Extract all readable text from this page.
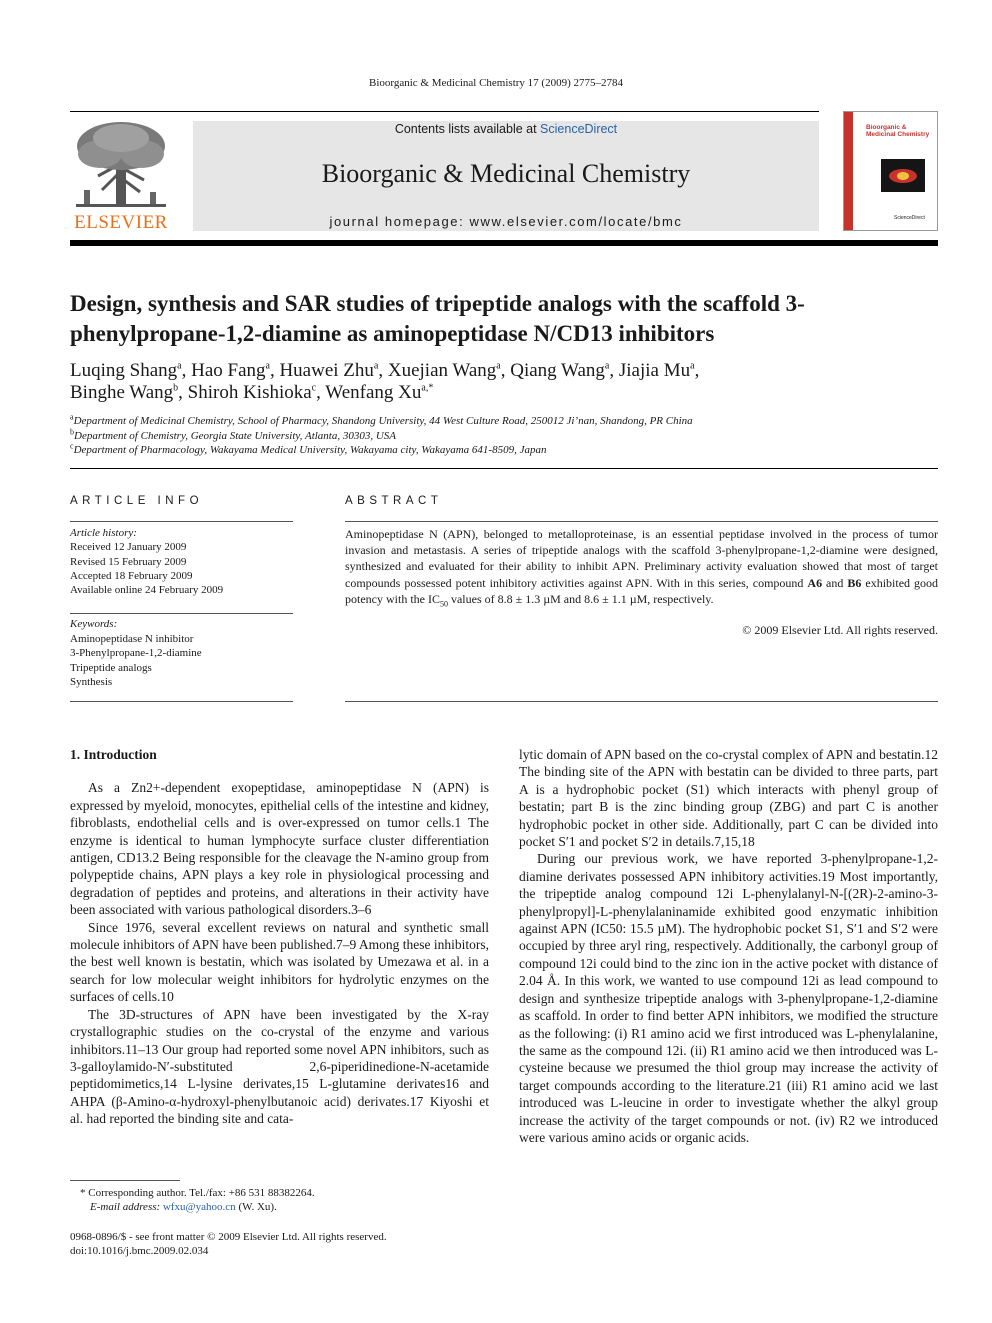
Bioorganic & Medicinal Chemistry 17 (2009) 2775–2784
ELSEVIER
Contents lists available at ScienceDirect
Bioorganic & Medicinal Chemistry
journal homepage: www.elsevier.com/locate/bmc
Bioorganic & Medicinal Chemistry
ScienceDirect
Design, synthesis and SAR studies of tripeptide analogs with the scaffold 3-phenylpropane-1,2-diamine as aminopeptidase N/CD13 inhibitors
Luqing Shang$^a$, Hao Fang$^a$, Huawei Zhu$^a$, Xuejian Wang$^a$, Qiang Wang$^a$, Jiajia Mu$^a$,
Binghe Wang$^b$, Shiroh Kishioka$^c$, Wenfang $Xu^{a,*}$
$^a$Department of Medicinal Chemistry, School of Pharmacy, Shandong University, 44 West Culture Road, 250012 Ji’nan, Shandong, PR China
$^b$Department of Chemistry, Georgia State University, Atlanta, 30303, USA
$^c$Department of Pharmacology, Wakayama Medical University, Wakayama city, Wakayama 641-8509, Japan
ARTICLE INFO	ABSTRACT
Article history:
Received 12 January 2009
Revised 15 February 2009
Accepted 18 February 2009
Available online 24 February 2009
Keywords:
Aminopeptidase N inhibitor
3-Phenylpropane-1,2-diamine
Tripeptide analogs
Synthesis
Aminopeptidase N (APN), belonged to metalloproteinase, is an essential peptidase involved in the process of tumor invasion and metastasis. A series of tripeptide analogs with the scaffold 3-phenylpropane-1,2-diamine were designed, synthesized and evaluated for their ability to inhibit APN. Preliminary activity evaluation showed that most of target compounds possessed potent inhibitory activities against APN. With in this series, compound A6 and B6 exhibited good potency with the $IC_{50}$ values of 8.8 ± 1.3 µM and 8.6 ± 1.1 µM, respectively.
© 2009 Elsevier Ltd. All rights reserved.
1. Introduction

As a Zn2+-dependent exopeptidase, aminopeptidase N (APN) is expressed by myeloid, monocytes, epithelial cells of the intestine and kidney, fibroblasts, endothelial cells and is over-expressed on tumor cells.1 The enzyme is identical to human lymphocyte surface cluster differentiation antigen, CD13.2 Being responsible for the cleavage the N-amino group from polypeptide chains, APN plays a key role in physiological processing and degradation of peptides and proteins, and alterations in their activity have been associated with various pathological disorders.3–6

Since 1976, several excellent reviews on natural and synthetic small molecule inhibitors of APN have been published.7–9 Among these inhibitors, the best well known is bestatin, which was isolated by Umezawa et al. in a search for low molecular weight inhibitors for hydrolytic enzymes on the surfaces of cells.10

The 3D-structures of APN have been investigated by the X-ray crystallographic studies on the co-crystal of the enzyme and various inhibitors.11–13 Our group had reported some novel APN inhibitors, such as 3-galloylamido-N′-substituted 2,6-piperidinedione-N-acetamide peptidomimetics,14 L-lysine derivates,15 L-glutamine derivates16 and AHPA (β-Amino-α-hydroxyl-phenylbutanoic acid) derivates.17 Kiyoshi et al. had reported the binding site and cata-

lytic domain of APN based on the co-crystal complex of APN and bestatin.12 The binding site of the APN with bestatin can be divided to three parts, part A is a hydrophobic pocket (S1) which interacts with phenyl group of bestatin; part B is the zinc binding group (ZBG) and part C is another hydrophobic pocket in other side. Additionally, part C can be divided into pocket S′1 and pocket S′2 in details.7,15,18

During our previous work, we have reported 3-phenylpropane-1,2-diamine derivates possessed APN inhibitory activities.19 Most importantly, the tripeptide analog compound 12i L-phenylalanyl-N-[(2R)-2-amino-3-phenylpropyl]-L-phenylalaninamide exhibited good enzymatic inhibition against APN (IC50: 15.5 µM). The hydrophobic pocket S1, S′1 and S′2 were occupied by three aryl ring, respectively. Additionally, the carbonyl group of compound 12i could bind to the zinc ion in the active pocket with distance of 2.04 Å. In this work, we wanted to use compound 12i as lead compound to design and synthesize tripeptide analogs with 3-phenylpropane-1,2-diamine as scaffold. In order to find better APN inhibitors, we modified the structure as the following: (i) R1 amino acid we first introduced was L-phenylalanine, the same as the compound 12i. (ii) R1 amino acid we then introduced was L-cysteine because we presumed the thiol group may increase the activity of target compounds according to the literature.21 (iii) R1 amino acid we last introduced was L-leucine in order to investigate whether the alkyl group increase the activity of the target compounds or not. (iv) R2 we introduced were various amino acids or organic acids.

* Corresponding author. Tel./fax: +86 531 88382264.
E-mail address: wfxu@yahoo.cn (W. Xu).
0968-0896/$ - see front matter © 2009 Elsevier Ltd. All rights reserved.
doi:10.1016/j.bmc.2009.02.034
